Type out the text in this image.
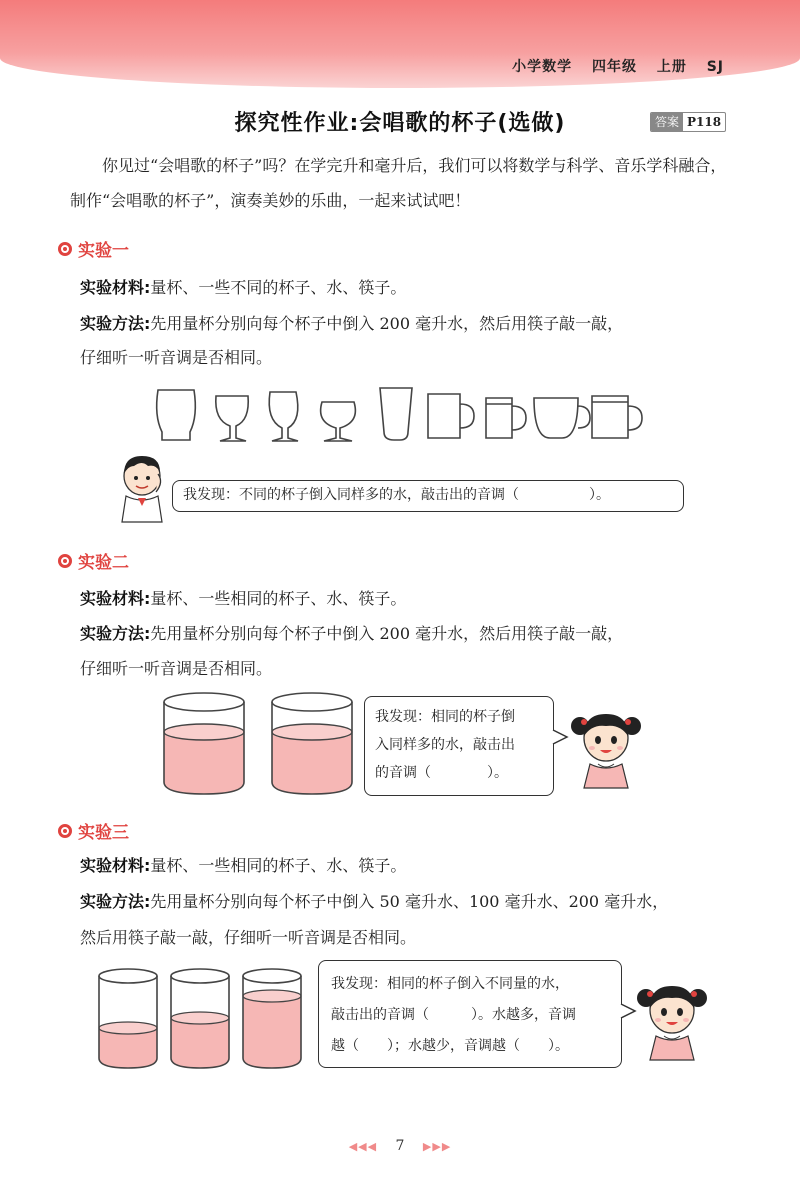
小学数学 四年级 上册 SJ
探究性作业:会唱歌的杯子(选做)	答案 P118
你见过“会唱歌的杯子”吗？在学完升和毫升后，我们可以将数学与科学、音乐学科融合，制作“会唱歌的杯子”，演奏美妙的乐曲，一起来试试吧！
实验一
实验材料:量杯、一些不同的杯子、水、筷子。
实验方法:先用量杯分别向每个杯子中倒入 200 毫升水，然后用筷子敲一敲，
仔细听一听音调是否相同。
我发现：不同的杯子倒入同样多的水，敲击出的音调（　　　　　）。
实验二
实验材料:量杯、一些相同的杯子、水、筷子。
实验方法:先用量杯分别向每个杯子中倒入 200 毫升水，然后用筷子敲一敲，
仔细听一听音调是否相同。
我发现：相同的杯子倒
入同样多的水，敲击出
的音调（　　　　）。
实验三
实验材料:量杯、一些相同的杯子、水、筷子。
实验方法:先用量杯分别向每个杯子中倒入 50 毫升水、100 毫升水、200 毫升水，
然后用筷子敲一敲，仔细听一听音调是否相同。
我发现：相同的杯子倒入不同量的水，
敲击出的音调（　　　）。水越多，音调
越（　　）；水越少，音调越（　　）。
◀◀◀ 7 ▶▶▶
